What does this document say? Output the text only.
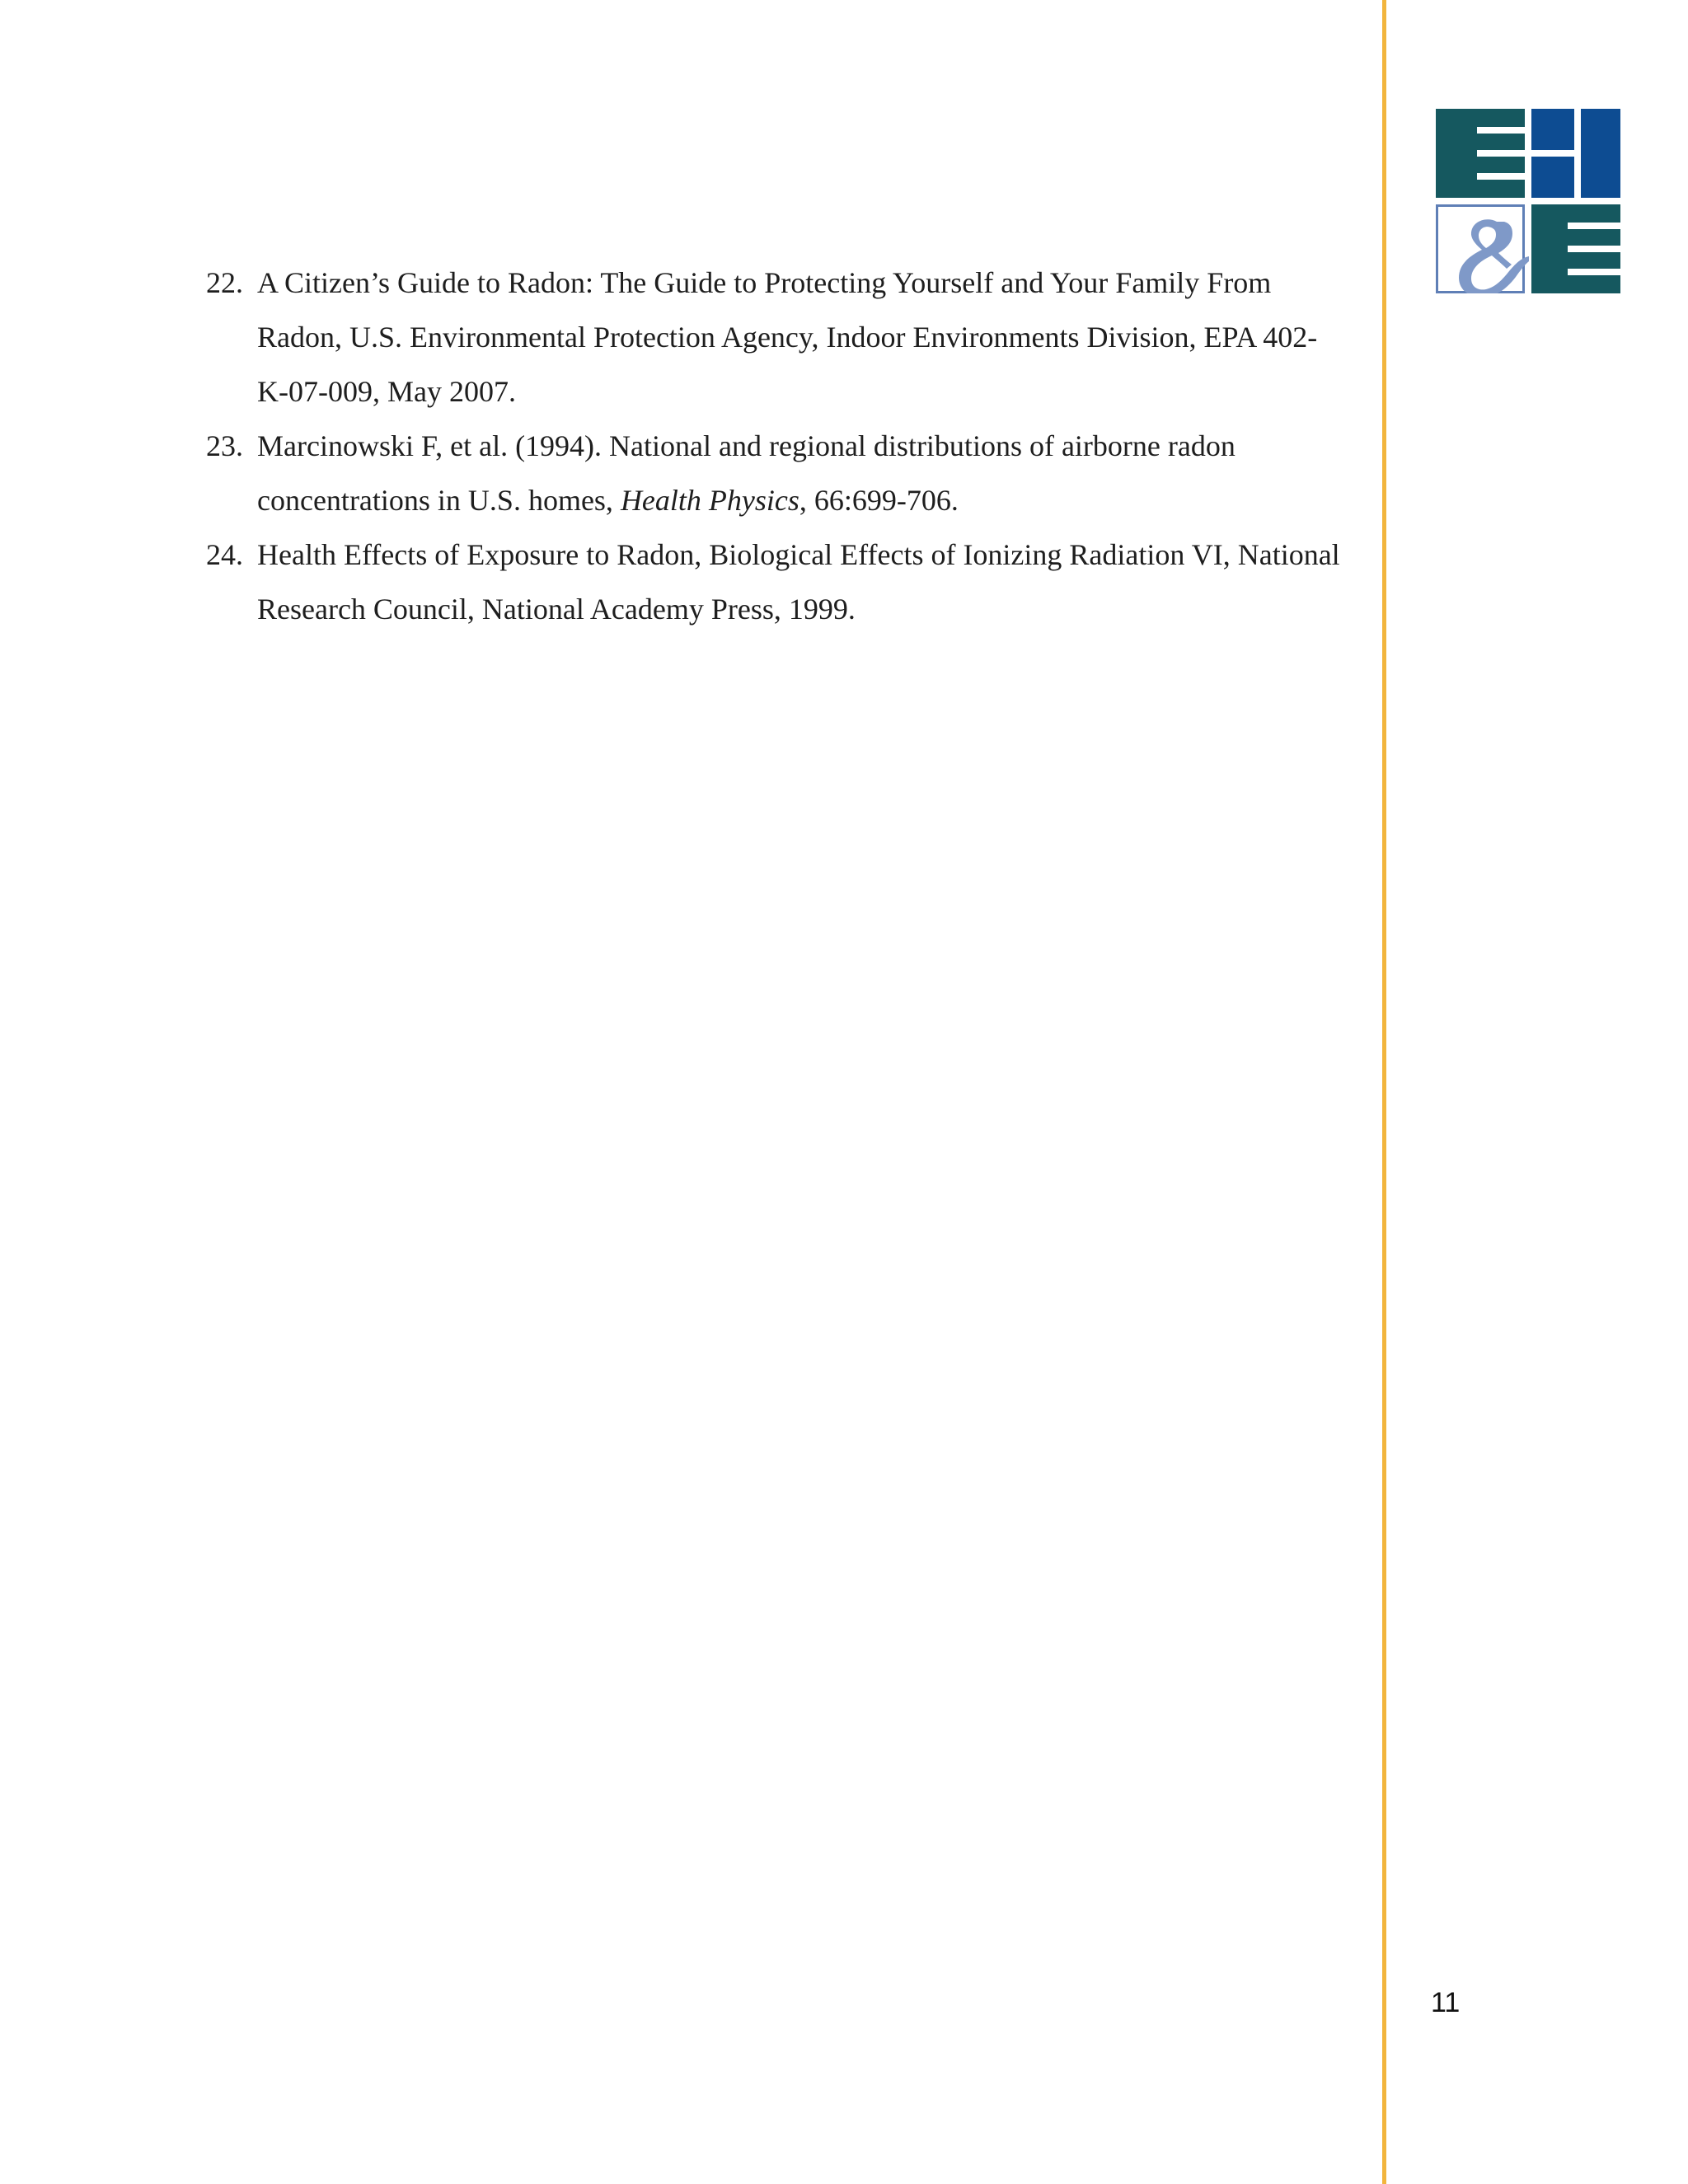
22. A Citizen’s Guide to Radon: The Guide to Protecting Yourself and Your Family From Radon, U.S. Environmental Protection Agency, Indoor Environments Division, EPA 402-K-07-009, May 2007.
23. Marcinowski F, et al. (1994). National and regional distributions of airborne radon concentrations in U.S. homes, Health Physics, 66:699-706.
24. Health Effects of Exposure to Radon, Biological Effects of Ionizing Radiation VI, National Research Council, National Academy Press, 1999.
11
